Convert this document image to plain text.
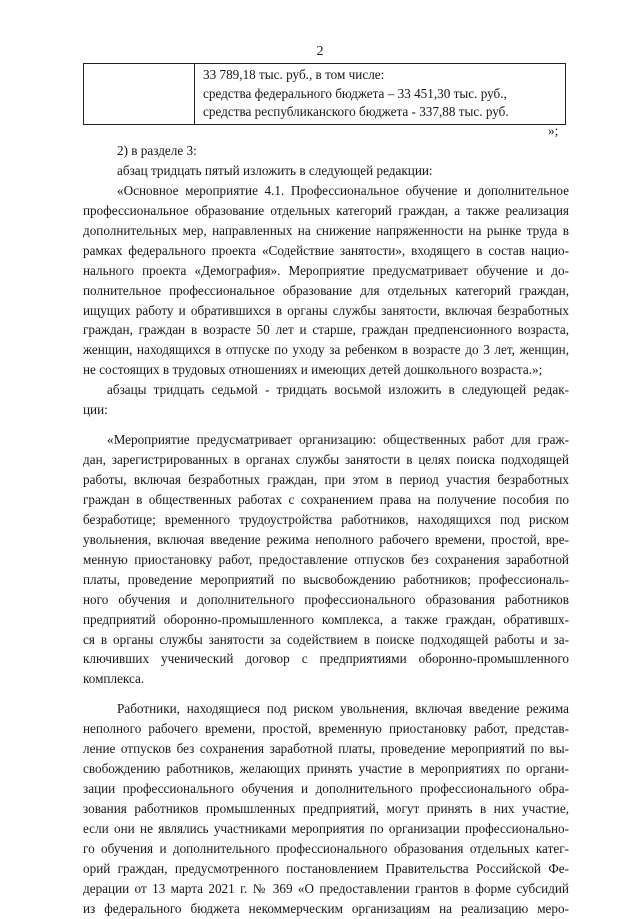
2

33 789,18 тыс. руб., в том числе:
средства федерального бюджета – 33 451,30 тыс. руб.,
средства республиканского бюджета - 337,88 тыс. руб.
»;
2) в разделе 3:
абзац тридцать пятый изложить в следующей редакции:
«Основное мероприятие 4.1. Профессиональное обучение и дополнительное
профессиональное образование отдельных категорий граждан, а также реализация
дополнительных мер, направленных на снижение напряженности на рынке труда в
рамках федерального проекта «Содействие занятости», входящего в состав нацио-
нального проекта «Демография». Мероприятие предусматривает обучение и до-
полнительное профессиональное образование для отдельных категорий граждан,
ищущих работу и обратившихся в органы службы занятости, включая безработных
граждан, граждан в возрасте 50 лет и старше, граждан предпенсионного возраста,
женщин, находящихся в отпуске по уходу за ребенком в возрасте до 3 лет, женщин,
не состоящих в трудовых отношениях и имеющих детей дошкольного возраста.»;
абзацы тридцать седьмой - тридцать восьмой изложить в следующей редак-
ции:
«Мероприятие предусматривает организацию: общественных работ для граж-
дан, зарегистрированных в органах службы занятости в целях поиска подходящей
работы, включая безработных граждан, при этом в период участия безработных
граждан в общественных работах с сохранением права на получение пособия по
безработице; временного трудоустройства работников, находящихся под риском
увольнения, включая введение режима неполного рабочего времени, простой, вре-
менную приостановку работ, предоставление отпусков без сохранения заработной
платы, проведение мероприятий по высвобождению работников; профессиональ-
ного обучения и дополнительного профессионального образования работников
предприятий оборонно-промышленного комплекса, а также граждан, обратившх-
ся в органы службы занятости за содействием в поиске подходящей работы и за-
ключивших ученический договор с предприятиями оборонно-промышленного
комплекса.
Работники, находящиеся под риском увольнения, включая введение режима
неполного рабочего времени, простой, временную приостановку работ, представ-
ление отпусков без сохранения заработной платы, проведение мероприятий по вы-
свобождению работников, желающих принять участие в мероприятиях по органи-
зации профессионального обучения и дополнительного профессионального обра-
зования работников промышленных предприятий, могут принять в них участие,
если они не являлись участниками мероприятия по организации профессионально-
го обучения и дополнительного профессионального образования отдельных катег-
орий граждан, предусмотренного постановлением Правительства Российской Фе-
дерации от 13 марта 2021 г. № 369 «О предоставлении грантов в форме субсидий
из федерального бюджета некоммерческим организациям на реализацию меро-
